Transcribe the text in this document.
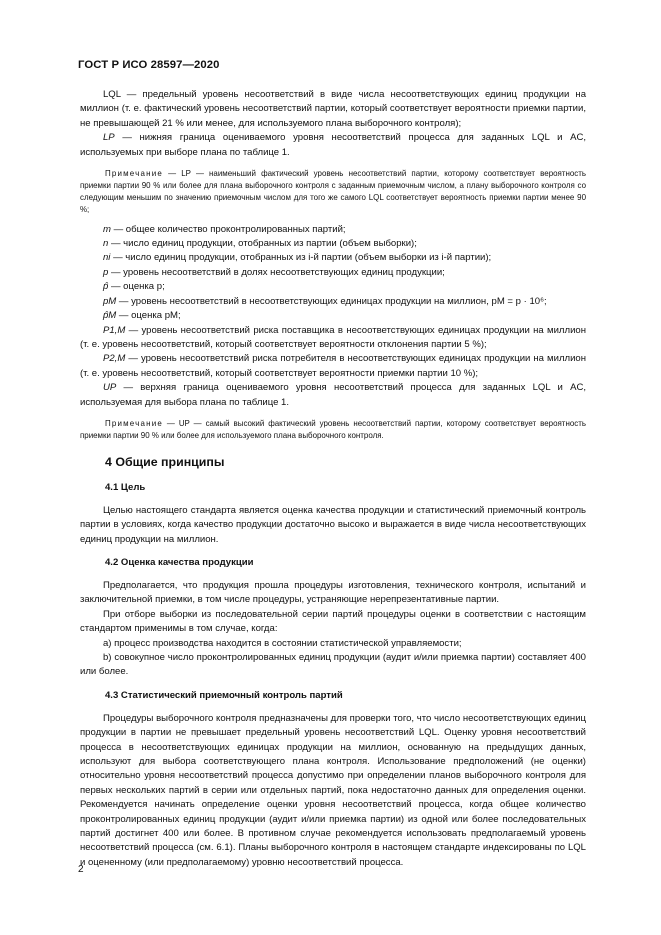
ГОСТ Р ИСО 28597—2020

LQL — предельный уровень несоответствий в виде числа несоответствующих единиц продукции на миллион (т. е. фактический уровень несоответствий партии, который соответствует вероятности приемки партии, не превышающей 21 % или менее, для используемого плана выборочного контроля);

LP — нижняя граница оцениваемого уровня несоответствий процесса для заданных LQL и AC, используемых при выборе плана по таблице 1.

Примечание — LP — наименьший фактический уровень несоответствий партии, которому соответствует вероятность приемки партии 90 % или более для плана выборочного контроля с заданным приемочным числом, а плану выборочного контроля со следующим меньшим по значению приемочным числом для того же самого LQL соответствует вероятность приемки партии менее 90 %;

m — общее количество проконтролированных партий;

n — число единиц продукции, отобранных из партии (объем выборки);

ni — число единиц продукции, отобранных из i-й партии (объем выборки из i-й партии);

p — уровень несоответствий в долях несоответствующих единиц продукции;

p̂ — оценка p;

pM — уровень несоответствий в несоответствующих единицах продукции на миллион, pM = p · 10⁶;

p̂M — оценка pM;

P1,M — уровень несоответствий риска поставщика в несоответствующих единицах продукции на миллион (т. е. уровень несоответствий, который соответствует вероятности отклонения партии 5 %);

P2,M — уровень несоответствий риска потребителя в несоответствующих единицах продукции на миллион (т. е. уровень несоответствий, который соответствует вероятности приемки партии 10 %);

UP — верхняя граница оцениваемого уровня несоответствий процесса для заданных LQL и AC, используемая для выбора плана по таблице 1.

Примечание — UP — самый высокий фактический уровень несоответствий партии, которому соответствует вероятность приемки партии 90 % или более для используемого плана выборочного контроля.

4 Общие принципы
4.1 Цель

Целью настоящего стандарта является оценка качества продукции и статистический приемочный контроль партии в условиях, когда качество продукции достаточно высоко и выражается в виде числа несоответствующих единиц продукции на миллион.

4.2 Оценка качества продукции

Предполагается, что продукция прошла процедуры изготовления, технического контроля, испытаний и заключительной приемки, в том числе процедуры, устраняющие нерепрезентативные партии.

При отборе выборки из последовательной серии партий процедуры оценки в соответствии с настоящим стандартом применимы в том случае, когда:

а) процесс производства находится в состоянии статистической управляемости;

b) совокупное число проконтролированных единиц продукции (аудит и/или приемка партии) составляет 400 или более.

4.3 Статистический приемочный контроль партий

Процедуры выборочного контроля предназначены для проверки того, что число несоответствующих единиц продукции в партии не превышает предельный уровень несоответствий LQL. Оценку уровня несоответствий процесса в несоответствующих единицах продукции на миллион, основанную на предыдущих данных, используют для выбора соответствующего плана контроля. Использование предположений (не оценки) относительно уровня несоответствий процесса допустимо при определении планов выборочного контроля для первых нескольких партий в серии или отдельных партий, пока недостаточно данных для определения оценки. Рекомендуется начинать определение оценки уровня несоответствий процесса, когда общее количество проконтролированных единиц продукции (аудит и/или приемка партии) из одной или более последовательных партий достигнет 400 или более. В противном случае рекомендуется использовать предполагаемый уровень несоответствий процесса (см. 6.1). Планы выборочного контроля в настоящем стандарте индексированы по LQL и оцененному (или предполагаемому) уровню несоответствий процесса.

2
